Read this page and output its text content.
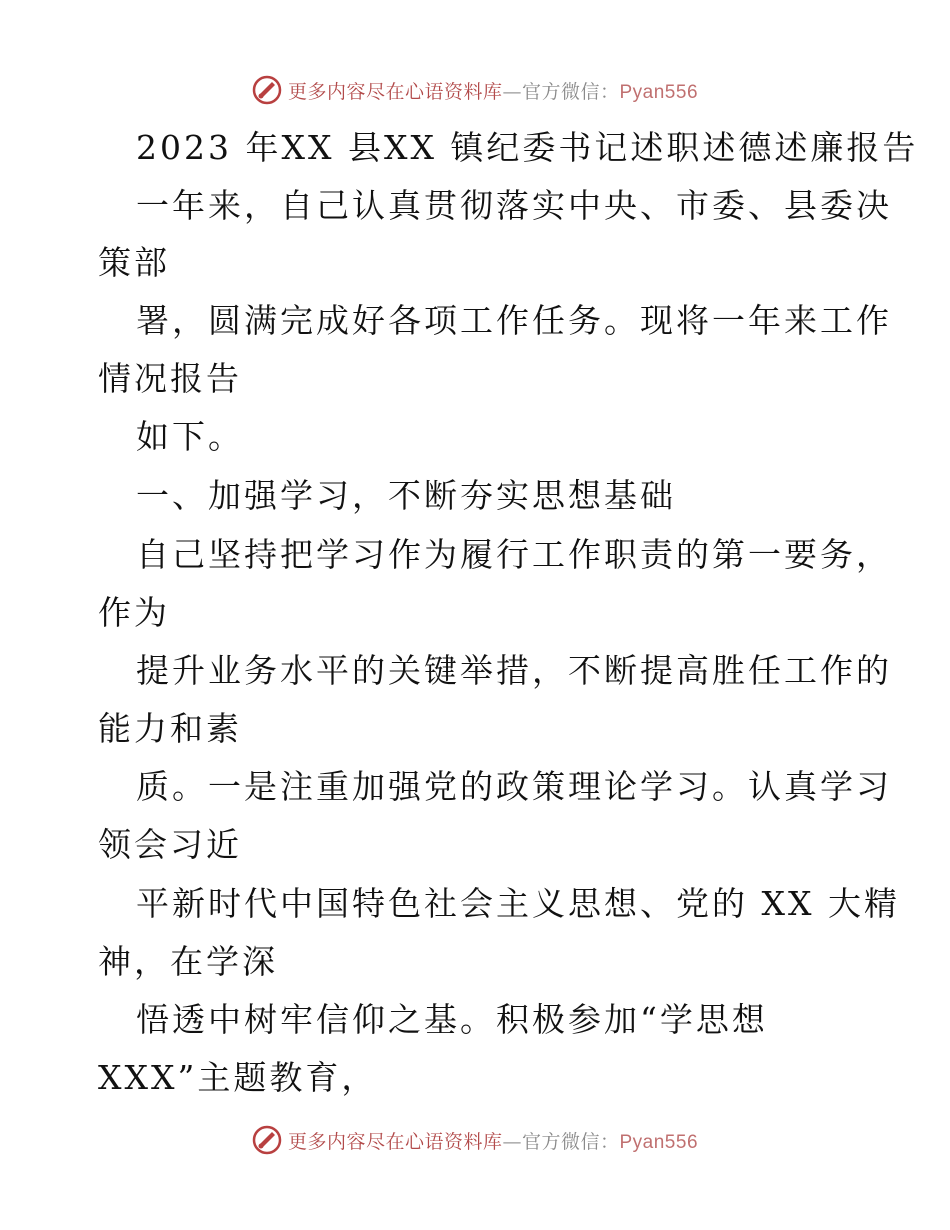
更多内容尽在心语资料库—官方微信：Pyan556
2023 年XX 县XX 镇纪委书记述职述德述廉报告
一年来，自己认真贯彻落实中央、市委、县委决
策部
署，圆满完成好各项工作任务。现将一年来工作
情况报告
如下。
一、加强学习，不断夯实思想基础
自己坚持把学习作为履行工作职责的第一要务，
作为
提升业务水平的关键举措，不断提高胜任工作的
能力和素
质。一是注重加强党的政策理论学习。认真学习
领会习近
平新时代中国特色社会主义思想、党的 XX 大精
神，在学深
悟透中树牢信仰之基。积极参加“学思想
XXX”主题教育，
更多内容尽在心语资料库—官方微信：Pyan556
